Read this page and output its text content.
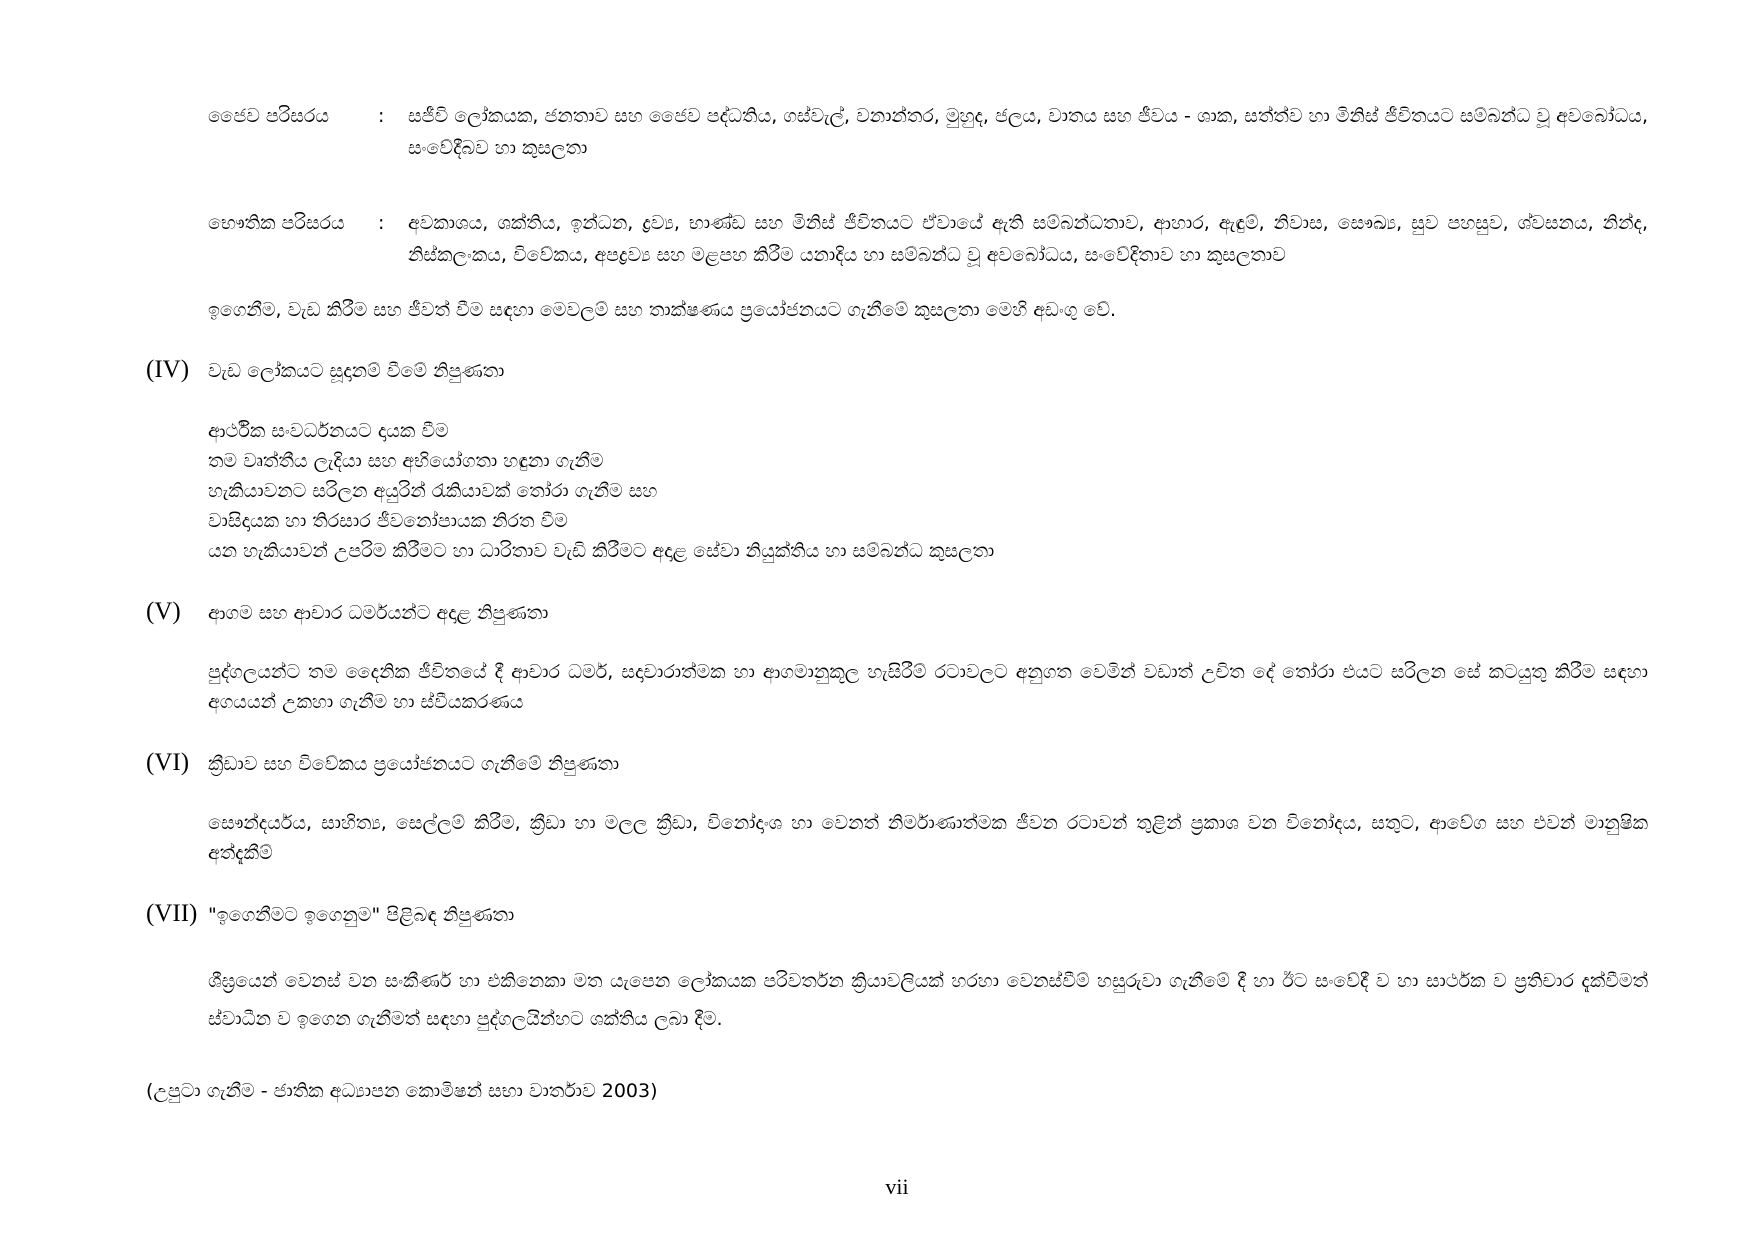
ජෛව පරිසරය	:	සජීවි ලෝකයක, ජනතාව සහ ජෛව පද්ධතිය, ගස්වැල්, වනාන්තර, මුහුද, ජලය, වාතය සහ ජීවය - ශාක, සත්ත්ව හා මිනිස් ජීවිතයට සම්බන්ධ වූ අවබෝධය, සංවේදීබව හා කුසලතා
භෞතික පරිසරය	:	අවකාශය, ශක්තිය, ඉන්ධන, ද්‍රව්‍ය, භාණ්ඩ සහ මිනිස් ජීවිතයට ඒවායේ ඇති සම්බන්ධතාව, ආහාර, ඇඳුම්, නිවාස, සෞඛ්‍ය, සුව පහසුව, ශ්වසනය, නින්ද, නිස්කලංකය, විවේකය, අපද්‍රව්‍ය සහ මළපහ කිරීම යනාදිය හා සම්බන්ධ වූ අවබෝධය, සංවේදිතාව හා කුසලතාව
ඉගෙනීම, වැඩ කිරීම සහ ජීවත් වීම සඳහා මෙවලම් සහ තාක්ෂණය ප්‍රයෝජනයට ගැනීමේ කුසලතා මෙහි අඩංගු වේ.
(IV) වැඩ ලෝකයට සූදානම් වීමේ නිපුණතා
ආර්ථික සංවර්ධනයට දායක වීම
තම වෘත්තීය ලැදියා සහ අභියෝගතා හඳුනා ගැනීම
හැකියාවනට සරිලන අයුරින් රැකියාවක් තෝරා ගැනීම සහ
වාසිදායක හා තිරසාර ජීවනෝපායක නිරත වීම
යන හැකියාවන් උපරිම කිරීමට හා ධාරිතාව වැඩි කිරීමට අදාළ සේවා නියුක්තිය හා සම්බන්ධ කුසලතා
(V) ආගම සහ ආචාර ධර්මයන්ට අදාළ නිපුණතා
පුද්ගලයන්ට තම දෛනික ජීවිතයේ දී ආචාර ධර්ම, සදාචාරාත්මක හා ආගමානුකූල හැසිරීම් රටාවලට අනුගත වෙමින් වඩාත් උචිත දේ තෝරා එයට සරිලන සේ කටයුතු කිරීම සඳහා අගයයන් උකහා ගැනීම හා ස්වීයකරණය
(VI) ක්‍රීඩාව සහ විවේකය ප්‍රයෝජනයට ගැනීමේ නිපුණතා
සෞන්දර්යය, සාහිත්‍ය, සෙල්ලම් කිරීම, ක්‍රීඩා හා මලල ක්‍රීඩා, විනෝදාංශ හා වෙනත් නිර්මාණාත්මක ජීවන රටාවන් තුළින් ප්‍රකාශ වන විනෝදය, සතුට, ආවේග සහ එවන් මානුෂික අත්දැකීම්
(VII) "ඉගෙනීමට ඉගෙනුම" පිළිබඳ නිපුණතා
ශීඝ්‍රයෙන් වෙනස් වන සංකීර්ණ හා එකිනෙකා මත යැපෙන ලෝකයක පරිවර්තන ක්‍රියාවලියක් හරහා වෙනස්වීම් හසුරුවා ගැනීමේ දී හා ඊට සංවේදී ව හා සාර්ථක ව ප්‍රතිචාර දැක්වීමත් ස්වාධීන ව ඉගෙන ගැනීමත් සඳහා පුද්ගලයින්හට ශක්තිය ලබා දීම.
(උපුටා ගැනීම - ජාතික අධ්‍යාපන කොමිෂන් සභා වාර්තාව 2003)
vii
